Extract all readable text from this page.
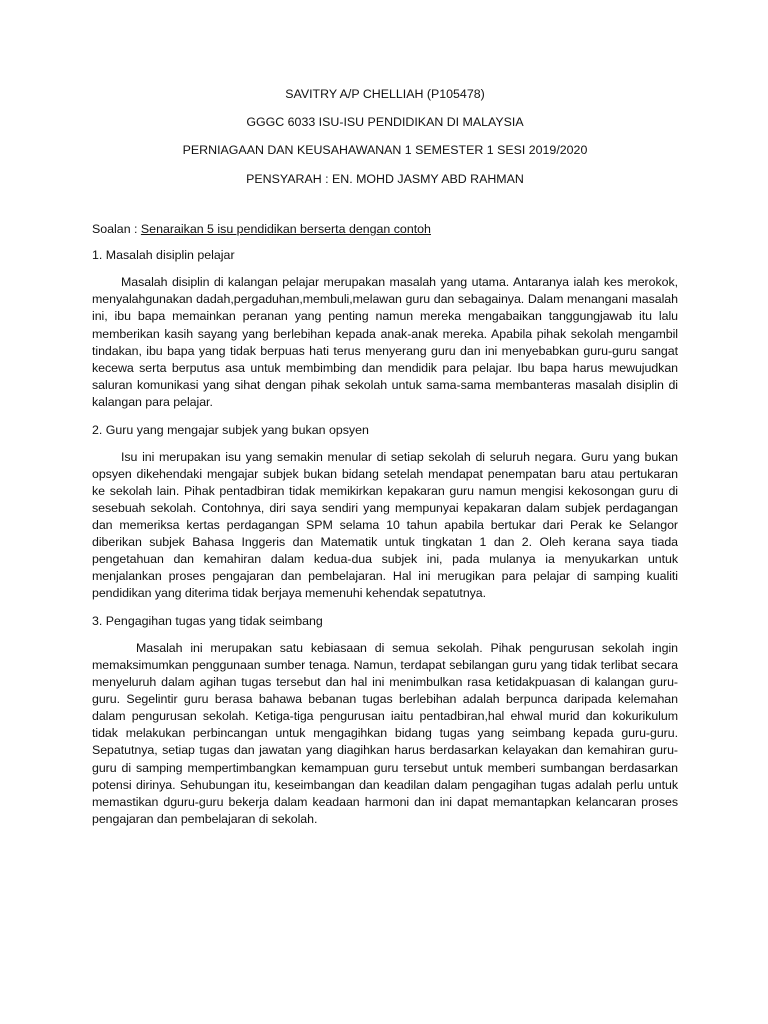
SAVITRY A/P CHELLIAH (P105478)
GGGC 6033 ISU-ISU PENDIDIKAN DI MALAYSIA
PERNIAGAAN DAN KEUSAHAWANAN 1 SEMESTER 1 SESI 2019/2020
PENSYARAH : EN. MOHD JASMY ABD RAHMAN
Soalan : Senaraikan 5 isu pendidikan berserta dengan contoh
1. Masalah disiplin pelajar
Masalah disiplin di kalangan pelajar merupakan masalah yang utama. Antaranya ialah kes merokok, menyalahgunakan dadah,pergaduhan,membuli,melawan guru dan sebagainya. Dalam menangani masalah ini, ibu bapa memainkan peranan yang penting namun mereka mengabaikan tanggungjawab itu lalu memberikan kasih sayang yang berlebihan kepada anak-anak mereka. Apabila pihak sekolah mengambil tindakan, ibu bapa yang tidak berpuas hati terus menyerang guru dan ini menyebabkan guru-guru sangat kecewa serta berputus asa untuk membimbing dan mendidik para pelajar. Ibu bapa harus mewujudkan saluran komunikasi yang sihat dengan pihak sekolah untuk sama-sama membanteras masalah disiplin di kalangan para pelajar.
2. Guru yang mengajar subjek yang bukan opsyen
Isu ini merupakan isu yang semakin menular di setiap sekolah di seluruh negara. Guru yang bukan opsyen dikehendaki mengajar subjek bukan bidang setelah mendapat penempatan baru atau pertukaran ke sekolah lain. Pihak pentadbiran tidak memikirkan kepakaran guru namun mengisi kekosongan guru di sesebuah sekolah. Contohnya, diri saya sendiri yang mempunyai kepakaran dalam subjek perdagangan dan memeriksa kertas perdagangan SPM selama 10 tahun apabila bertukar dari Perak ke Selangor diberikan subjek Bahasa Inggeris dan Matematik untuk tingkatan 1 dan 2. Oleh kerana saya tiada pengetahuan dan kemahiran dalam kedua-dua subjek ini, pada mulanya ia menyukarkan untuk menjalankan proses pengajaran dan pembelajaran. Hal ini merugikan para pelajar di samping kualiti pendidikan yang diterima tidak berjaya memenuhi kehendak sepatutnya.
3. Pengagihan tugas yang tidak seimbang
Masalah ini merupakan satu kebiasaan di semua sekolah. Pihak pengurusan sekolah ingin memaksimumkan penggunaan sumber tenaga. Namun, terdapat sebilangan guru yang tidak terlibat secara menyeluruh dalam agihan tugas tersebut dan hal ini menimbulkan rasa ketidakpuasan di kalangan guru-guru. Segelintir guru berasa bahawa bebanan tugas berlebihan adalah berpunca daripada kelemahan dalam pengurusan sekolah. Ketiga-tiga pengurusan iaitu pentadbiran,hal ehwal murid dan kokurikulum tidak melakukan perbincangan untuk mengagihkan bidang tugas yang seimbang kepada guru-guru. Sepatutnya, setiap tugas dan jawatan yang diagihkan harus berdasarkan kelayakan dan kemahiran guru-guru di samping mempertimbangkan kemampuan guru tersebut untuk memberi sumbangan berdasarkan potensi dirinya. Sehubungan itu, keseimbangan dan keadilan dalam pengagihan tugas adalah perlu untuk memastikan dguru-guru bekerja dalam keadaan harmoni dan ini dapat memantapkan kelancaran proses pengajaran dan pembelajaran di sekolah.
